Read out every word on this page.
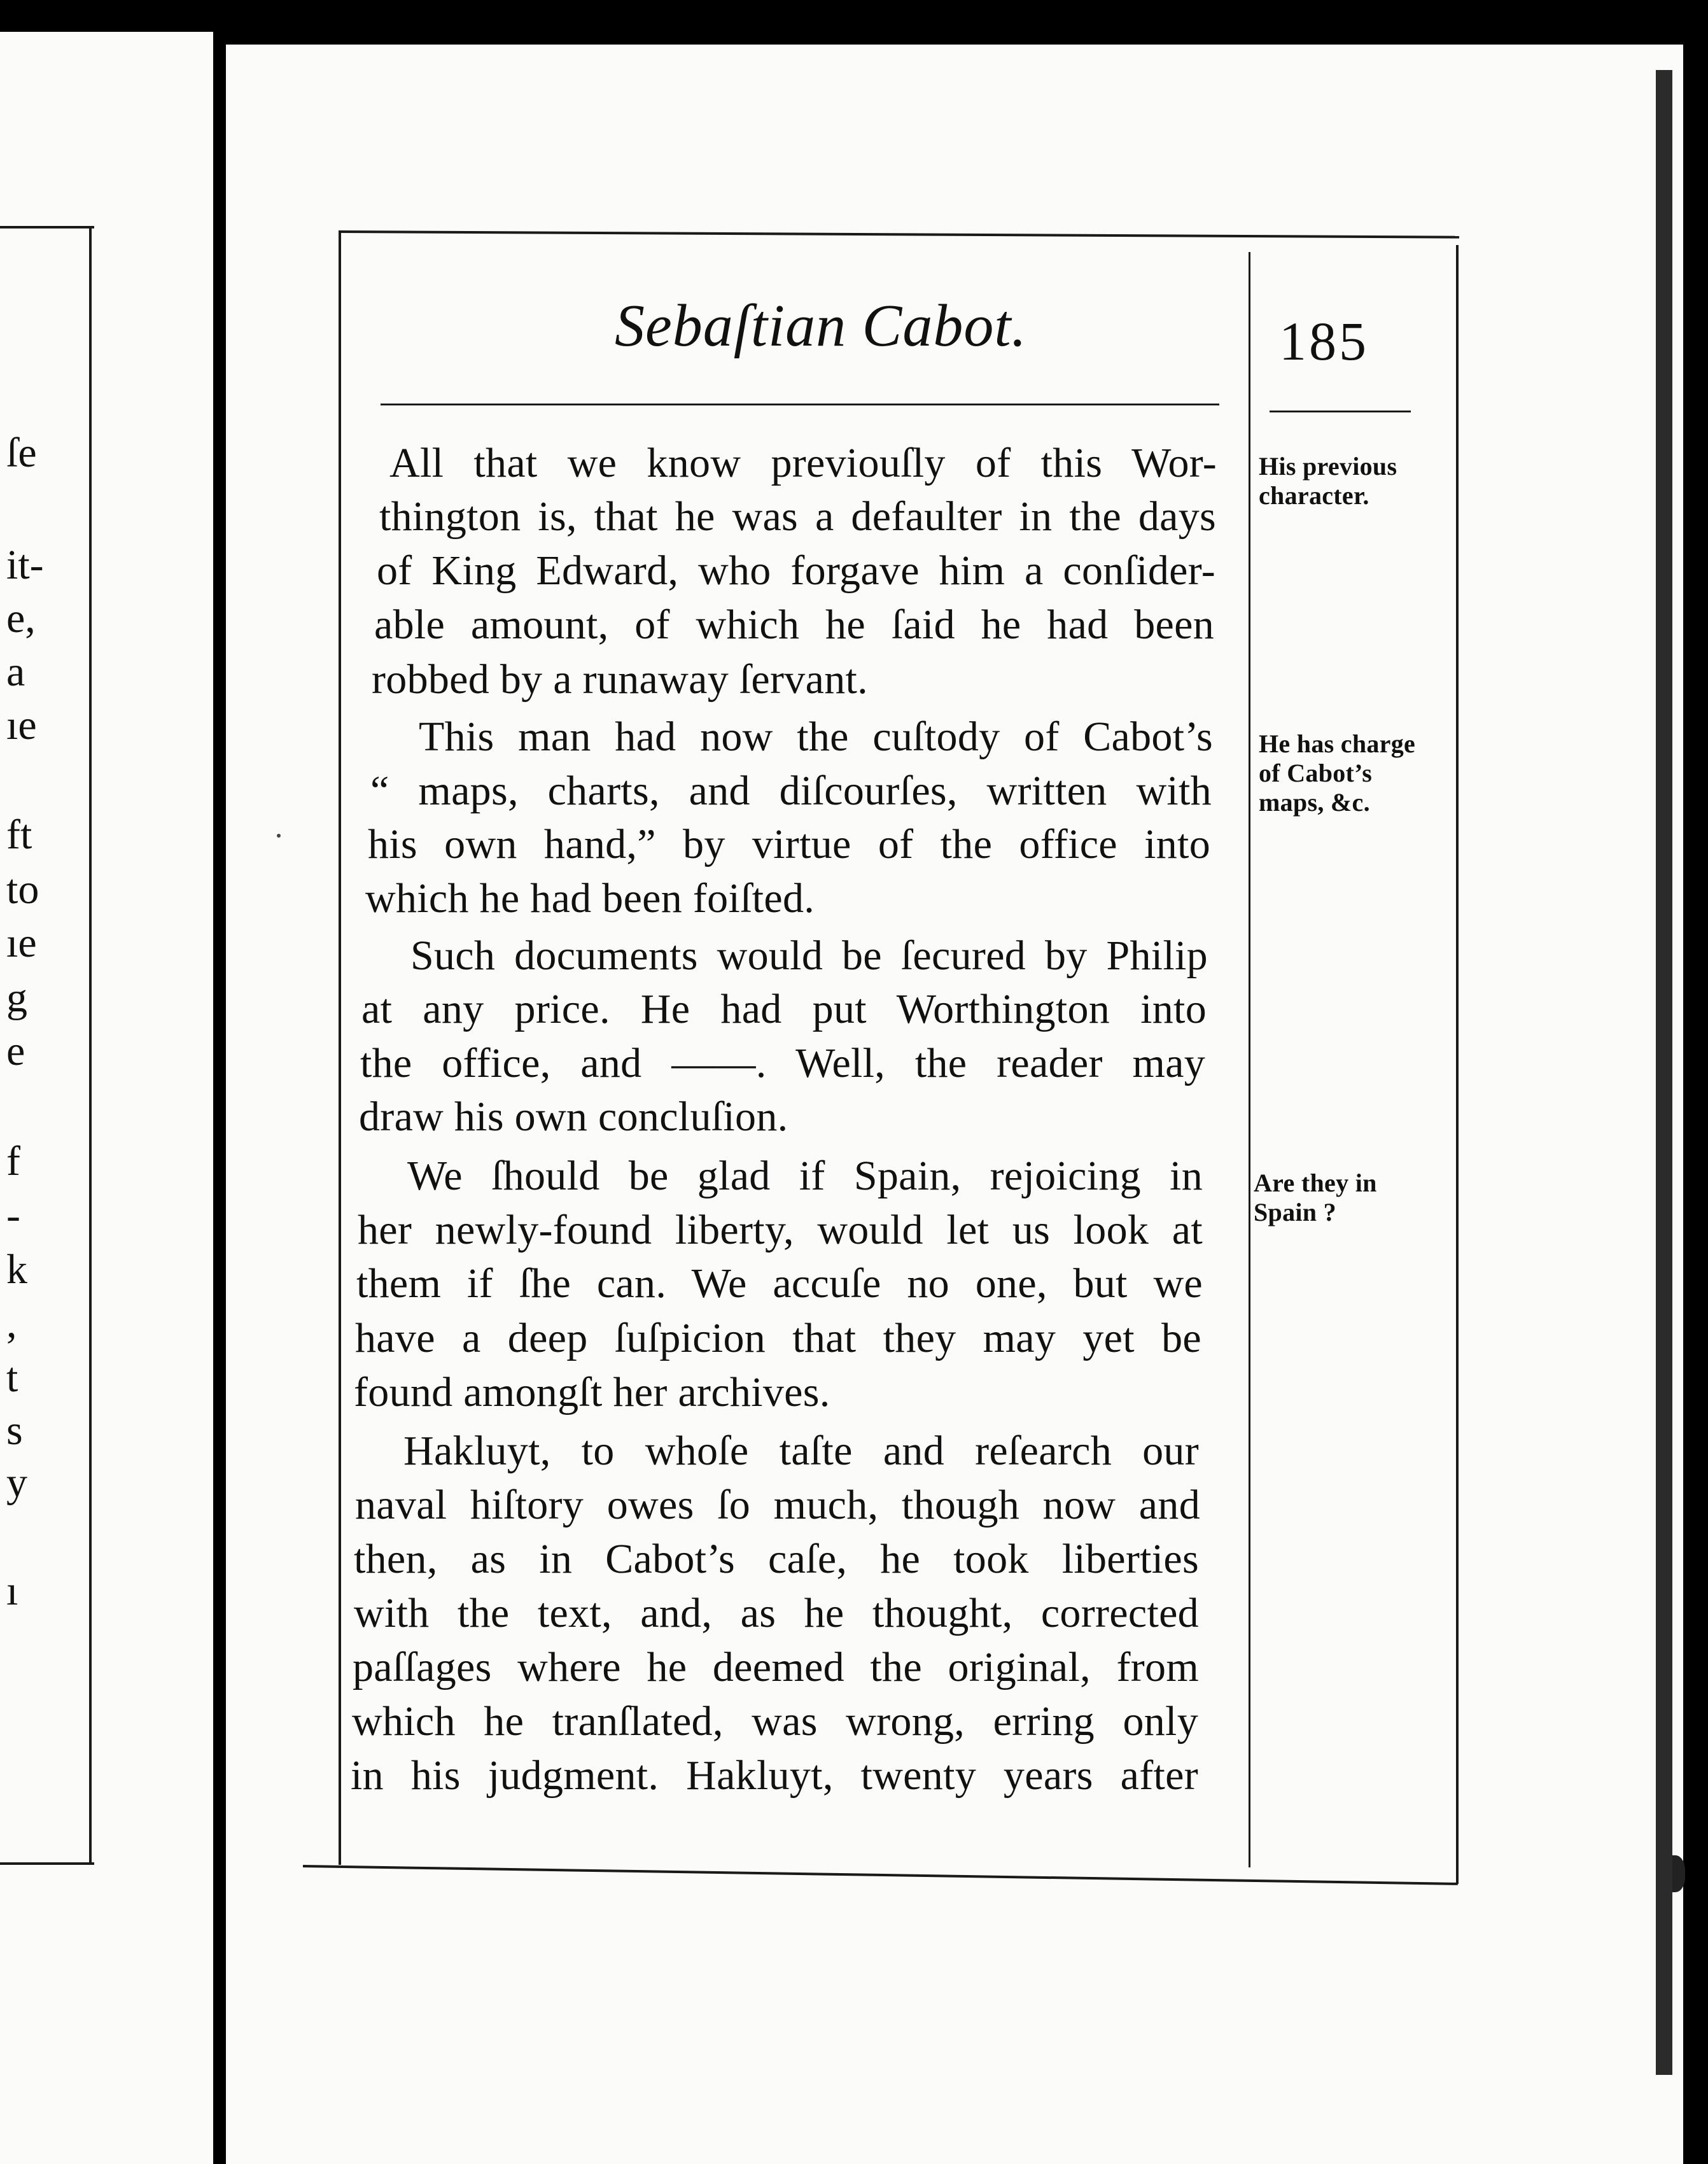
ſe

it-

e,

a

ıe

ft

to

ıe

g

e

f

-

k

,

t

s

y

ı

Sebaſtian Cabot.	185

All that we know previouſly of this Wor-

thington is, that he was a defaulter in the days

of King Edward, who forgave him a conſider-

able amount, of which he ſaid he had been

robbed by a runaway ſervant.

This man had now the cuſtody of Cabot’s

“ maps, charts, and diſcourſes, written with

his own hand,” by virtue of the office into

which he had been foiſted.

Such documents would be ſecured by Philip

at any price. He had put Worthington into

the office, and ——. Well, the reader may

draw his own concluſion.

We ſhould be glad if Spain, rejoicing in

her newly-found liberty, would let us look at

them if ſhe can. We accuſe no one, but we

have a deep ſuſpicion that they may yet be

found amongſt her archives.

Hakluyt, to whoſe taſte and reſearch our

naval hiſtory owes ſo much, though now and

then, as in Cabot’s caſe, he took liberties

with the text, and, as he thought, corrected

paſſages where he deemed the original, from

which he tranſlated, was wrong, erring only

in his judgment. Hakluyt, twenty years after

His previous

character.

He has charge

of Cabot’s

maps, &c.

Are they in

Spain ?
